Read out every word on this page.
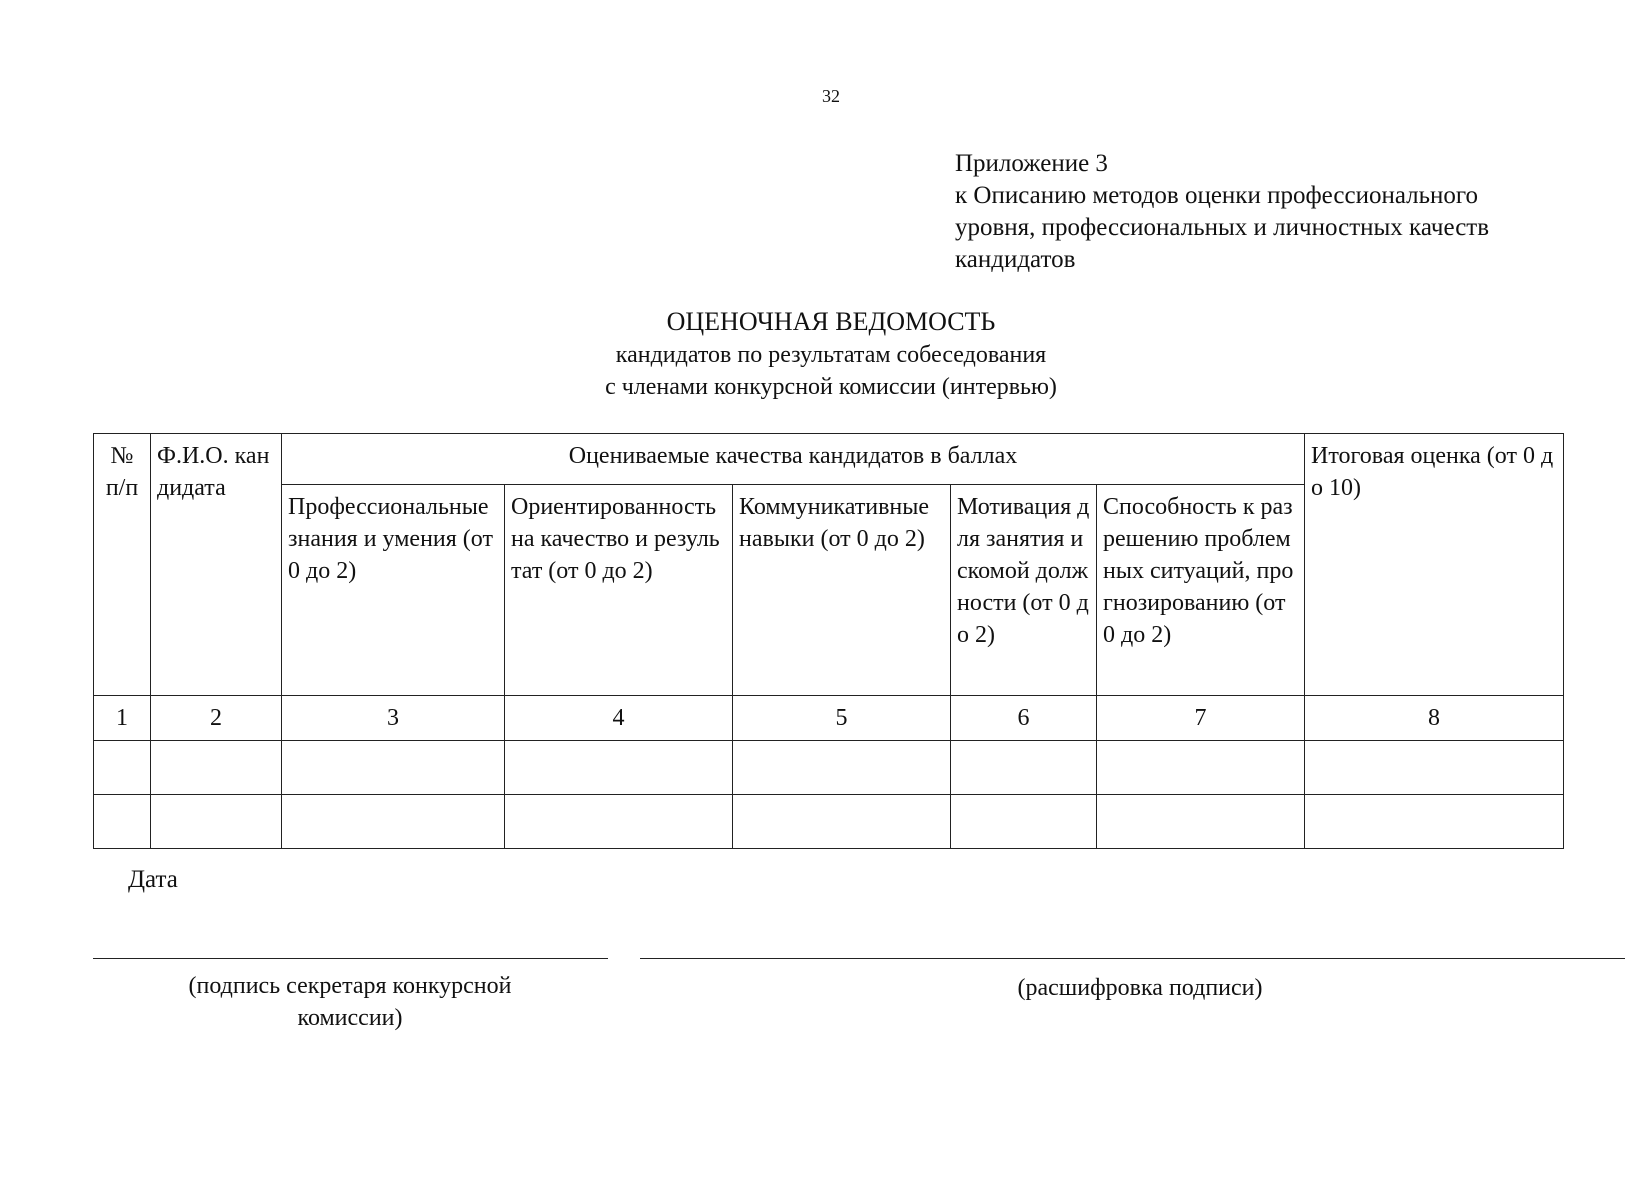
32
Приложение 3
к Описанию методов оценки профессионального
уровня, профессиональных и личностных качеств
кандидатов
ОЦЕНОЧНАЯ ВЕДОМОСТЬ
кандидатов по результатам собеседования
с членами конкурсной комиссии (интервью)
№ п/п	Ф.И.О. кандидата	Оцениваемые качества кандидатов в баллах					Итоговая оценка (от 0 до 10)
		Профессиональные знания и умения (от 0 до 2)	Ориентированность на качество и результат (от 0 до 2)	Коммуникативные навыки (от 0 до 2)	Мотивация для занятия искомой должности (от 0 до 2)	Способность к разрешению проблемных ситуаций, прогнозированию (от 0 до 2)	
1	2	3	4	5	6	7	8

Дата
(подпись секретаря конкурсной комиссии)
(расшифровка подписи)
